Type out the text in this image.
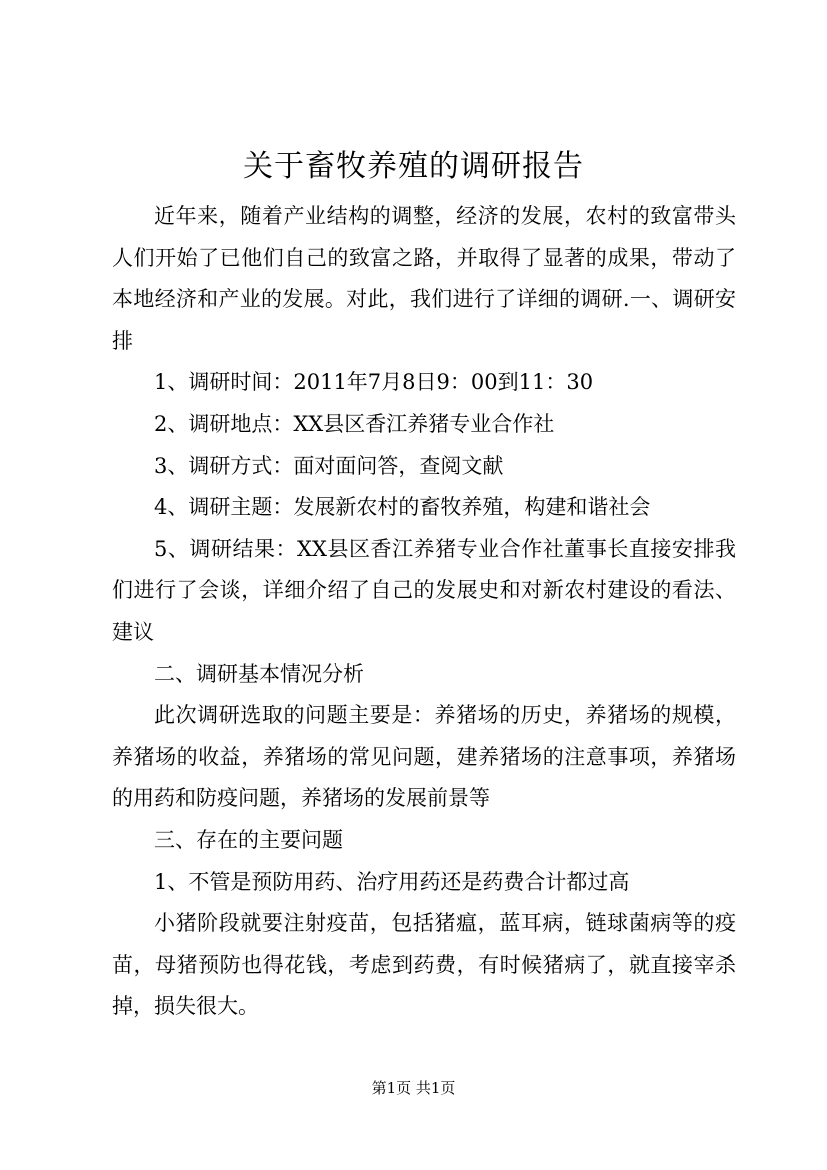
关于畜牧养殖的调研报告

近年来，随着产业结构的调整，经济的发展，农村的致富带头人们开始了已他们自己的致富之路，并取得了显著的成果，带动了本地经济和产业的发展。对此，我们进行了详细的调研.一、调研安排

1、调研时间：2011年7月8日9：00到11：30

2、调研地点：XX县区香江养猪专业合作社

3、调研方式：面对面问答，查阅文献

4、调研主题：发展新农村的畜牧养殖，构建和谐社会

5、调研结果：XX县区香江养猪专业合作社董事长直接安排我们进行了会谈，详细介绍了自己的发展史和对新农村建设的看法、建议

二、调研基本情况分析

此次调研选取的问题主要是：养猪场的历史，养猪场的规模，养猪场的收益，养猪场的常见问题，建养猪场的注意事项，养猪场的用药和防疫问题，养猪场的发展前景等

三、存在的主要问题

1、不管是预防用药、治疗用药还是药费合计都过高

小猪阶段就要注射疫苗，包括猪瘟，蓝耳病，链球菌病等的疫苗，母猪预防也得花钱，考虑到药费，有时候猪病了，就直接宰杀掉，损失很大。

第1页 共1页
